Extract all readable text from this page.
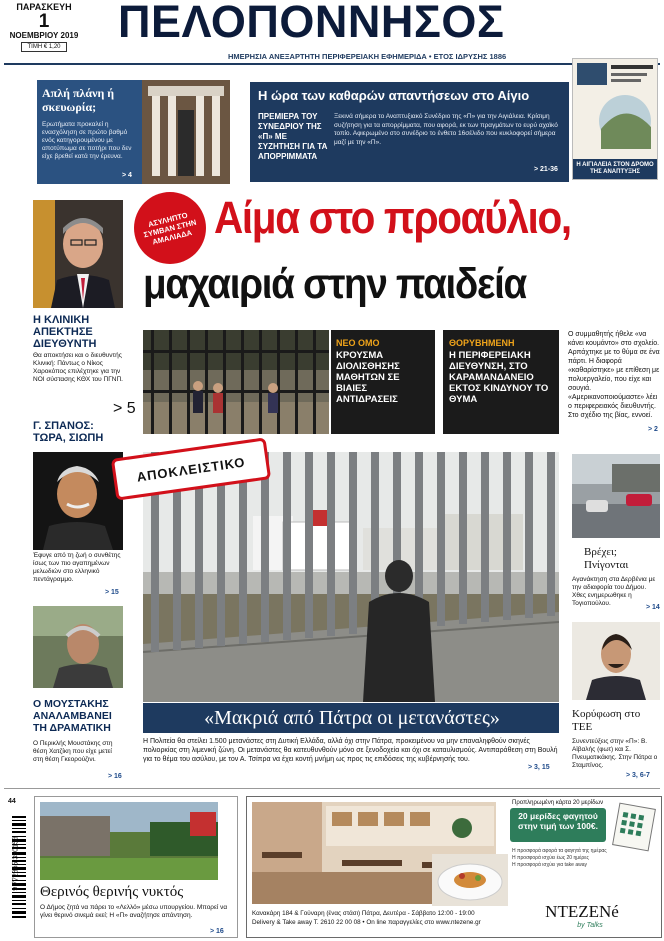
ΠΑΡΑΣΚΕΥΗ
1
ΝΟΕΜΒΡΙΟΥ 2019
ΤΙΜΗ € 1,20 ΠΕΛΟΠΟΝΝΗΣΟΣ
ΗΜΕΡΗΣΙΑ ΑΝΕΞΑΡΤΗΤΗ ΠΕΡΙΦΕΡΕΙΑΚΗ ΕΦΗΜΕΡΙΔΑ • ΕΤΟΣ ΙΔΡΥΣΗΣ 1886
Απλή πλάνη ή σκευωρία;
Ερωτήματα προκαλεί η ενασχόληση σε πρώτο βαθμό ενός κατηγορουμένου με αποτύπωμα σε ποτήρι που δεν είχε βρεθεί κατά την έρευνα.
> 4
Η ώρα των καθαρών απαντήσεων στο Αίγιο
ΠΡΕΜΙΕΡΑ ΤΟΥ ΣΥΝΕΔΡΙΟΥ ΤΗΣ «Π» ΜΕ ΣΥΖΗΤΗΣΗ ΓΙΑ ΤΑ ΑΠΟΡΡΙΜΜΑΤΑ
Ξεκινά σήμερα το Αναπτυξιακό Συνέδριο της «Π» για την Αιγιάλεια. Κρίσιμη συζήτηση για τα απορρίμματα, που αφορά, εκ των πραγμάτων το ευρύ αχαϊκό τοπίο. Αφιερωμένο στο συνέδριο το ένθετο 16σέλιδο που κυκλοφορεί σήμερα μαζί με την «Π».
> 21-36
Η ΑΙΓΙΑΛΕΙΑ ΣΤΟΝ ΔΡΟΜΟ ΤΗΣ ΑΝΑΠΤΥΞΗΣ
Η ΚΛΙΝΙΚΗ ΑΠΕΚΤΗΣΕ ΔΙΕΥΘΥΝΤΗ
Θα αποκτήσει και ο διευθυντής Κλινική: Πάντως ο Νίκος Χαροκόπος επιλέχτηκε για την ΝΟΙ σύστασης ΚΘΧ του ΠΓΝΠ.
> 5
Γ. ΣΠΑΝΟΣ: ΤΩΡΑ, ΣΙΩΠΗ
Έφυγε από τη ζωή ο συνθέτης ίσως των πιο αγαπημένων μελωδιών στο ελληνικό πεντάγραμμο.
> 15
Ο ΜΟΥΣΤΑΚΗΣ ΑΝΑΛΑΜΒΑΝΕΙ ΤΗ ΔΡΑΜΑΤΙΚΗ
Ο Περικλής Μουστάκης στη θέση Χατζίκη που είχε μετεί στη θέση Γκεορούζινι.
> 16
ΑΣΥΛΗΠΤΟ ΣΥΜΒΑΝ ΣΤΗΝ ΑΜΑΛΙΑΔΑ Αίμα στο προαύλιο,
μαχαιριά στην παιδεία
ΝΕΟ ΟΜΟ
ΚΡΟΥΣΜΑ ΔΙΟΛΙΣΘΗΣΗΣ ΜΑΘΗΤΩΝ ΣΕ ΒΙΑΙΕΣ ΑΝΤΙΔΡΑΣΕΙΣ
ΘΟΡΥΒΗΜΕΝΗ
Η ΠΕΡΙΦΕΡΕΙΑΚΗ ΔΙΕΥΘΥΝΣΗ, ΣΤΟ ΚΑΡΑΜΑΝΔΑΝΕΙΟ ΕΚΤΟΣ ΚΙΝΔΥΝΟΥ ΤΟ ΘΥΜΑ
Ο συμμαθητής ήθελε «να κάνει κουμάντο» στο σχολείο. Αρπάχτηκε με το θύμα σε ένα πάρτι. Η διαφορά «καθαρίστηκε» με επίθεση με πολυεργαλείο, που είχε και σουγιά. «Αμερικανοποιούμαστε» λέει ο περιφερειακός διευθυντής. Στο σχέδιο της βίας, εννοεί.
> 2
ΑΠΟΚΛΕΙΣΤΙΚΟ
«Μακριά από Πάτρα οι μετανάστες»
Η Πολιτεία θα στείλει 1.500 μετανάστες στη Δυτική Ελλάδα, αλλά όχι στην Πάτρα, προκειμένου να μην επαναληφθούν σκηνές πολιορκίας στη λιμενική ζώνη. Οι μετανάστες θα κατευθυνθούν μόνο σε ξενοδοχεία και όχι σε καταυλισμούς. Αντιπαράθεση στη Βουλή για το θέμα του ασύλου, με τον Α. Τσίπρα να έχει κοντή μνήμη ως προς τις επιδόσεις της κυβέρνησής του.
> 3, 15
Βρέχει; Πνίγονται
Αγανάκτηση στα Δερβένια με την αδιαφορία του Δήμου. Χθες ενημερωθηκε η Τογιοπούλου.
> 14
Κορύφωση στο ΤΕΕ
Συνεντεύξεις στην «Π»: Β. Αϊβαλής (φωτ) και Σ. Πνευματικάκης. Στην Πάτρα ο Σταμπίνος.
> 3, 6-7
9 772865 350153
44
Θερινός θερινής νυκτός
Ο Δήμος ζητά να πάρει το «Λελλό» μέσω υπουργείου. Μπορεί να γίνει θερινό σινεμά εκεί; Η «Π» αναζήτησε απάντηση.
> 16
Προπληρωμένη κάρτα 20 μερίδων
20 μερίδες φαγητού στην τιμή των 100€.
Η προσφορά αφορά τα φαγητά της ημέρας
Η προσφορά ισχύει έως 20 ημέρες
Η προσφορά ισχύει για take away
Κανακάρη 184 & Γούναρη (ένας στάσι) Πάτρα, Δευτέρα - Σάββατο 12:00 - 19:00
Delivery & Take away T. 2610 22 00 08 • On line παραγγελίες στο www.ntezene.gr
ΝΤΕΖΕΝé
by Talks
